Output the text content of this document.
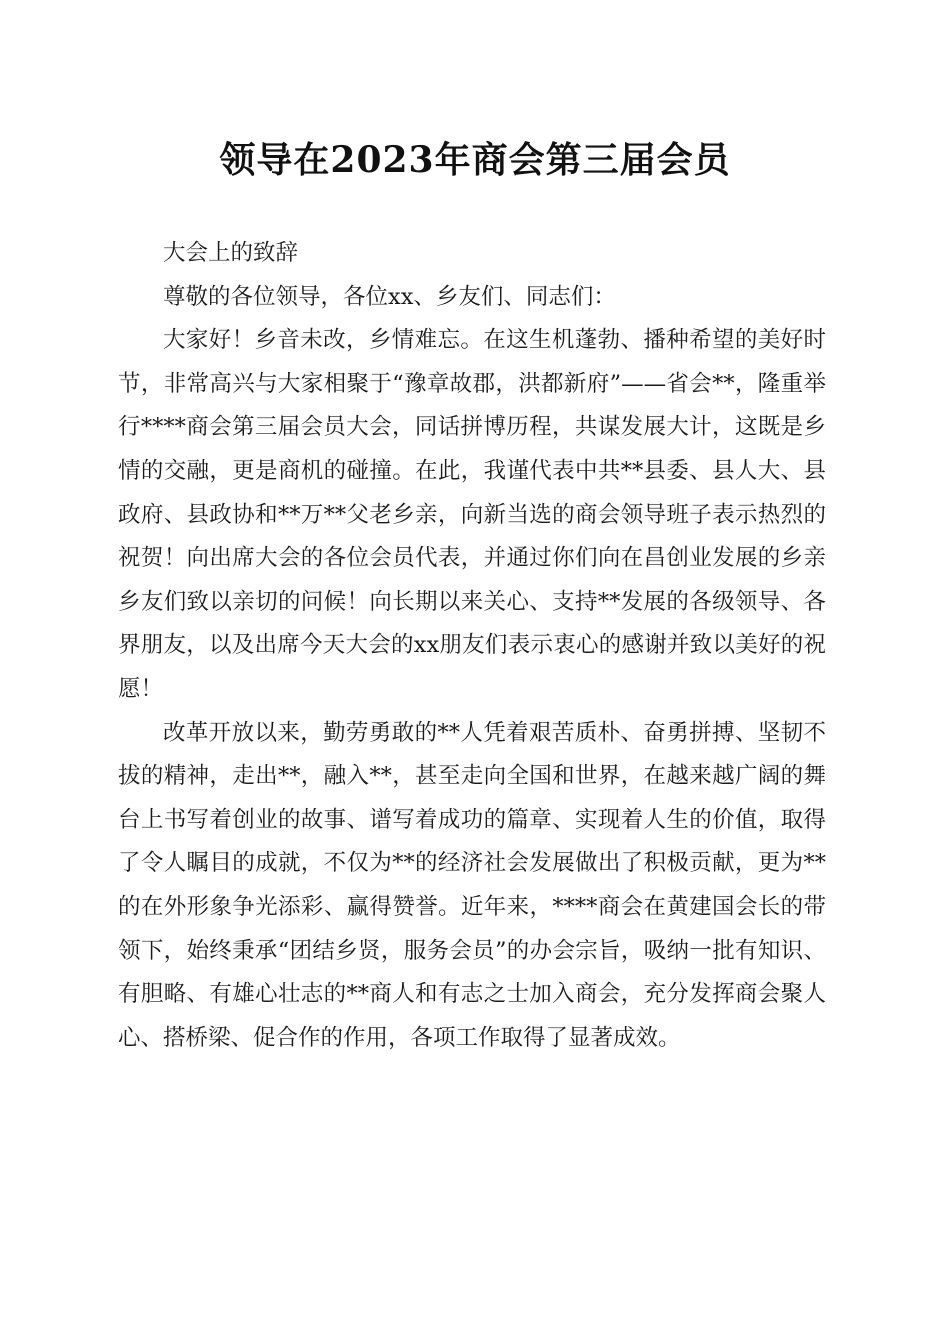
领导在2023年商会第三届会员

大会上的致辞

尊敬的各位领导，各位xx、乡友们、同志们：

大家好！乡音未改，乡情难忘。在这生机蓬勃、播种希望的美好时节，非常高兴与大家相聚于“豫章故郡，洪都新府”——省会**，隆重举行****商会第三届会员大会，同话拼博历程，共谋发展大计，这既是乡情的交融，更是商机的碰撞。在此，我谨代表中共**县委、县人大、县政府、县政协和**万**父老乡亲，向新当选的商会领导班子表示热烈的祝贺！向出席大会的各位会员代表，并通过你们向在昌创业发展的乡亲乡友们致以亲切的问候！向长期以来关心、支持**发展的各级领导、各界朋友，以及出席今天大会的xx朋友们表示衷心的感谢并致以美好的祝愿！

改革开放以来，勤劳勇敢的**人凭着艰苦质朴、奋勇拼搏、坚韧不拔的精神，走出**，融入**，甚至走向全国和世界，在越来越广阔的舞台上书写着创业的故事、谱写着成功的篇章、实现着人生的价值，取得了令人瞩目的成就，不仅为**的经济社会发展做出了积极贡献，更为**的在外形象争光添彩、赢得赞誉。近年来，****商会在黄建国会长的带领下，始终秉承“团结乡贤，服务会员”的办会宗旨，吸纳一批有知识、有胆略、有雄心壮志的**商人和有志之士加入商会，充分发挥商会聚人心、搭桥梁、促合作的作用，各项工作取得了显著成效。
